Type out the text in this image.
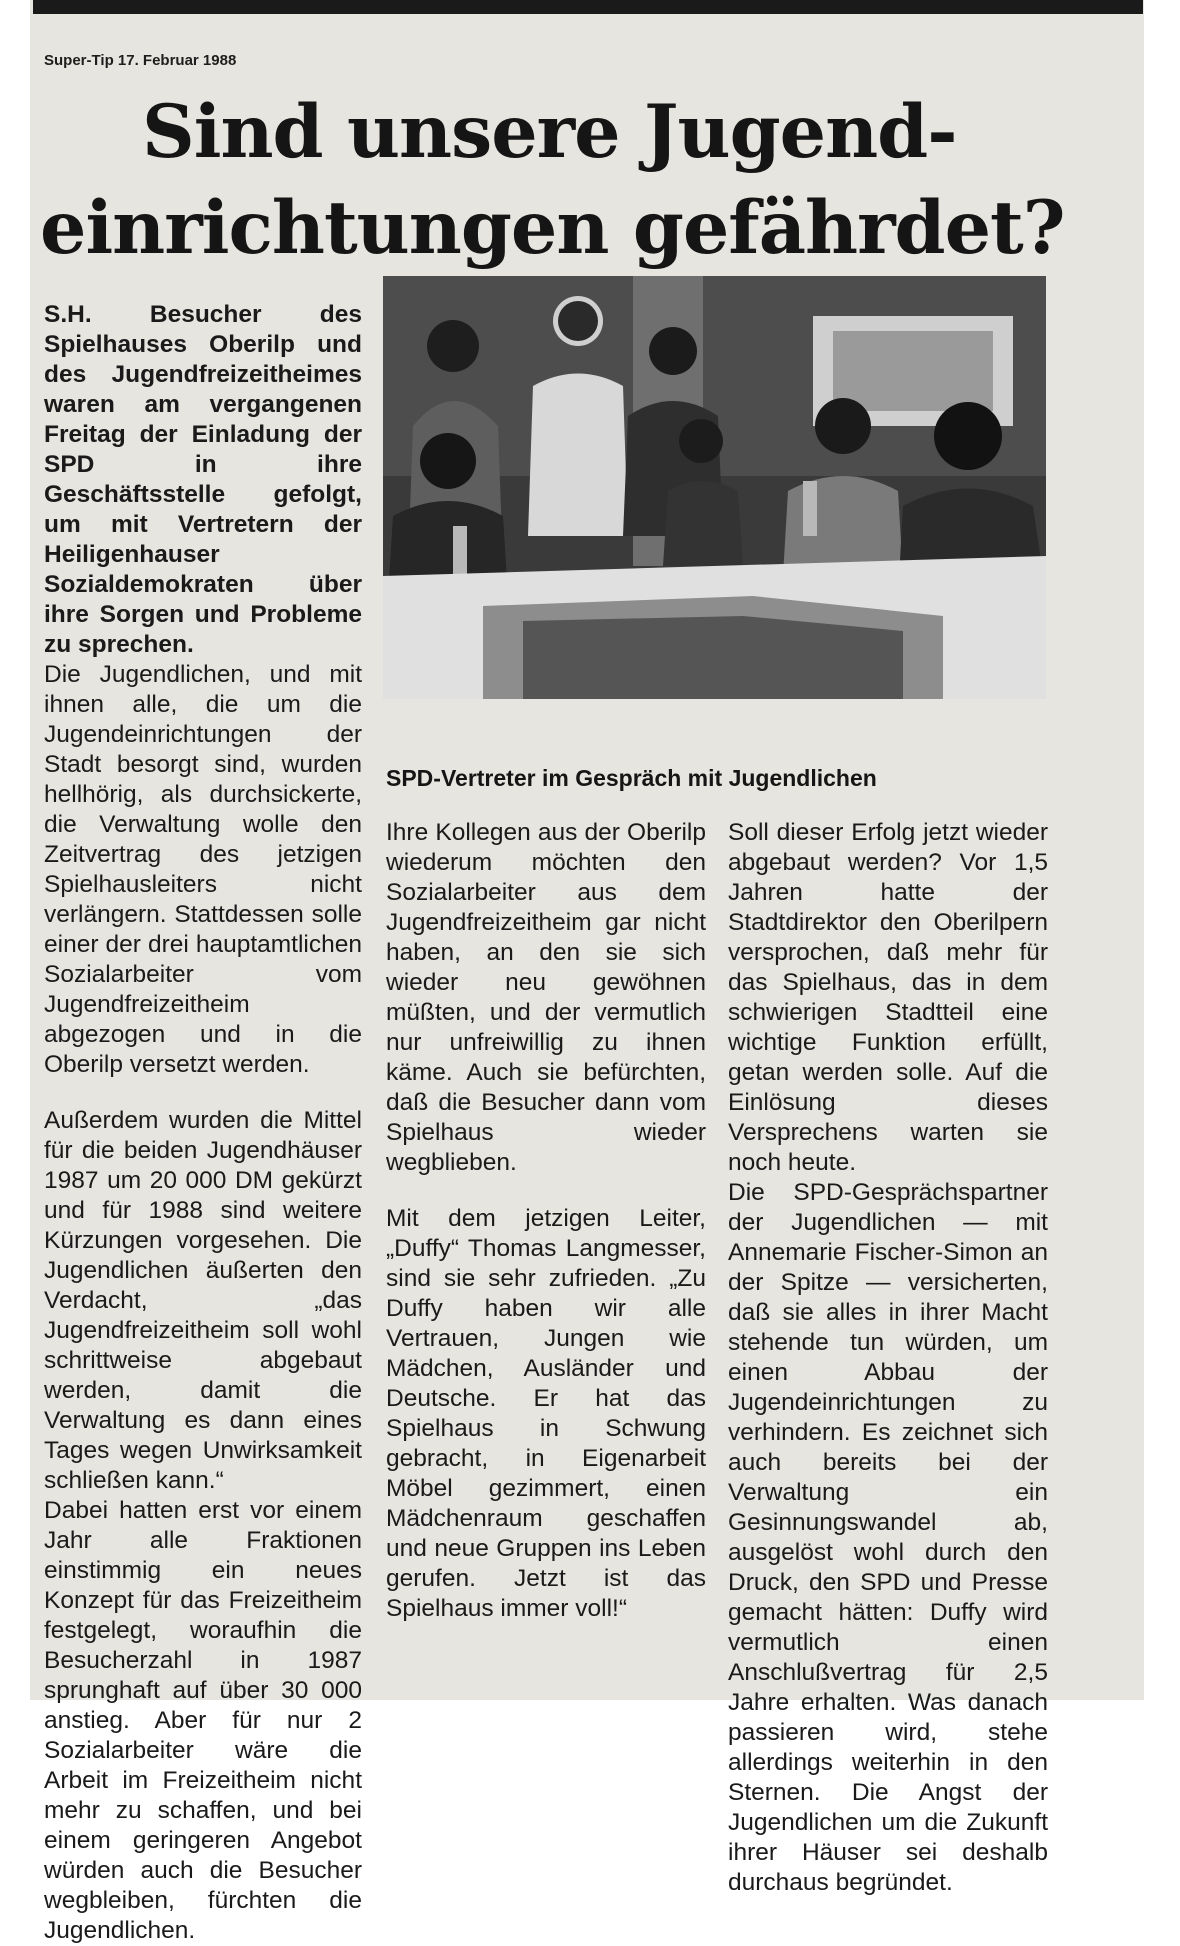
Super-Tip 17. Februar 1988
Sind unsere Jugend-
einrichtungen gefährdet?
SPD-Vertreter im Gespräch mit Jugendlichen

S.H. Besucher des Spielhauses Oberilp und des Jugendfreizeitheimes waren am vergangenen Freitag der Einladung der SPD in ihre Geschäftsstelle gefolgt, um mit Vertretern der Heiligenhauser Sozialdemokraten über ihre Sorgen und Probleme zu sprechen.

Die Jugendlichen, und mit ihnen alle, die um die Jugendeinrichtungen der Stadt besorgt sind, wurden hellhörig, als durchsickerte, die Verwaltung wolle den Zeitvertrag des jetzigen Spielhausleiters nicht verlängern. Stattdessen solle einer der drei hauptamtlichen Sozialarbeiter vom Jugendfreizeitheim abgezogen und in die Oberilp versetzt werden.

Außerdem wurden die Mittel für die beiden Jugendhäuser 1987 um 20 000 DM gekürzt und für 1988 sind weitere Kürzungen vorgesehen. Die Jugendlichen äußerten den Verdacht, „das Jugendfreizeitheim soll wohl schrittweise abgebaut werden, damit die Verwaltung es dann eines Tages wegen Unwirksamkeit schließen kann.“

Dabei hatten erst vor einem Jahr alle Fraktionen einstimmig ein neues Konzept für das Freizeitheim festgelegt, woraufhin die Besucherzahl in 1987 sprunghaft auf über 30 000 anstieg. Aber für nur 2 Sozialarbeiter wäre die Arbeit im Freizeitheim nicht mehr zu schaffen, und bei einem geringeren Angebot würden auch die Besucher wegbleiben, fürchten die Jugendlichen.

Ihre Kollegen aus der Oberilp wiederum möchten den Sozialarbeiter aus dem Jugendfreizeitheim gar nicht haben, an den sie sich wieder neu gewöhnen müßten, und der vermutlich nur unfreiwillig zu ihnen käme. Auch sie befürchten, daß die Besucher dann vom Spielhaus wieder wegblieben.

Mit dem jetzigen Leiter, „Duffy“ Thomas Langmesser, sind sie sehr zufrieden. „Zu Duffy haben wir alle Vertrauen, Jungen wie Mädchen, Ausländer und Deutsche. Er hat das Spielhaus in Schwung gebracht, in Eigenarbeit Möbel gezimmert, einen Mädchenraum geschaffen und neue Gruppen ins Leben gerufen. Jetzt ist das Spielhaus immer voll!“

Soll dieser Erfolg jetzt wieder abgebaut werden? Vor 1,5 Jahren hatte der Stadtdirektor den Oberilpern versprochen, daß mehr für das Spielhaus, das in dem schwierigen Stadtteil eine wichtige Funktion erfüllt, getan werden solle. Auf die Einlösung dieses Versprechens warten sie noch heute.

Die SPD-Gesprächspartner der Jugendlichen — mit Annemarie Fischer-Simon an der Spitze — versicherten, daß sie alles in ihrer Macht stehende tun würden, um einen Abbau der Jugendeinrichtungen zu verhindern. Es zeichnet sich auch bereits bei der Verwaltung ein Gesinnungswandel ab, ausgelöst wohl durch den Druck, den SPD und Presse gemacht hätten: Duffy wird vermutlich einen Anschlußvertrag für 2,5 Jahre erhalten. Was danach passieren wird, stehe allerdings weiterhin in den Sternen. Die Angst der Jugendlichen um die Zukunft ihrer Häuser sei deshalb durchaus begründet.
